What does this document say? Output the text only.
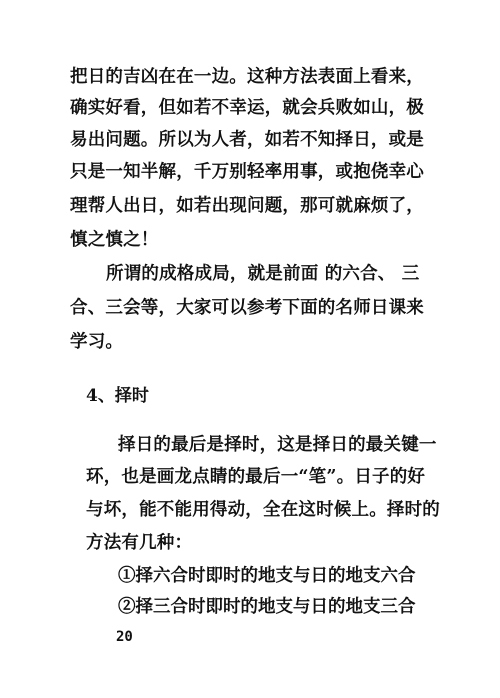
把日的吉凶在在一边。这种方法表面上看来，
确实好看，但如若不幸运，就会兵败如山，极
易出问题。所以为人者，如若不知择日，或是
只是一知半解，千万别轻率用事，或抱侥幸心
理帮人出日，如若出现问题，那可就麻烦了，
慎之慎之！
所谓的成格成局，就是前面 的六合、 三
合、三会等，大家可以参考下面的名师日课来
学习。
4、择时
择日的最后是择时，这是择日的最关键一
环，也是画龙点睛的最后一“笔”。日子的好
与坏，能不能用得动，全在这时候上。择时的
方法有几种：
①择六合时即时的地支与日的地支六合
②择三合时即时的地支与日的地支三合
20
